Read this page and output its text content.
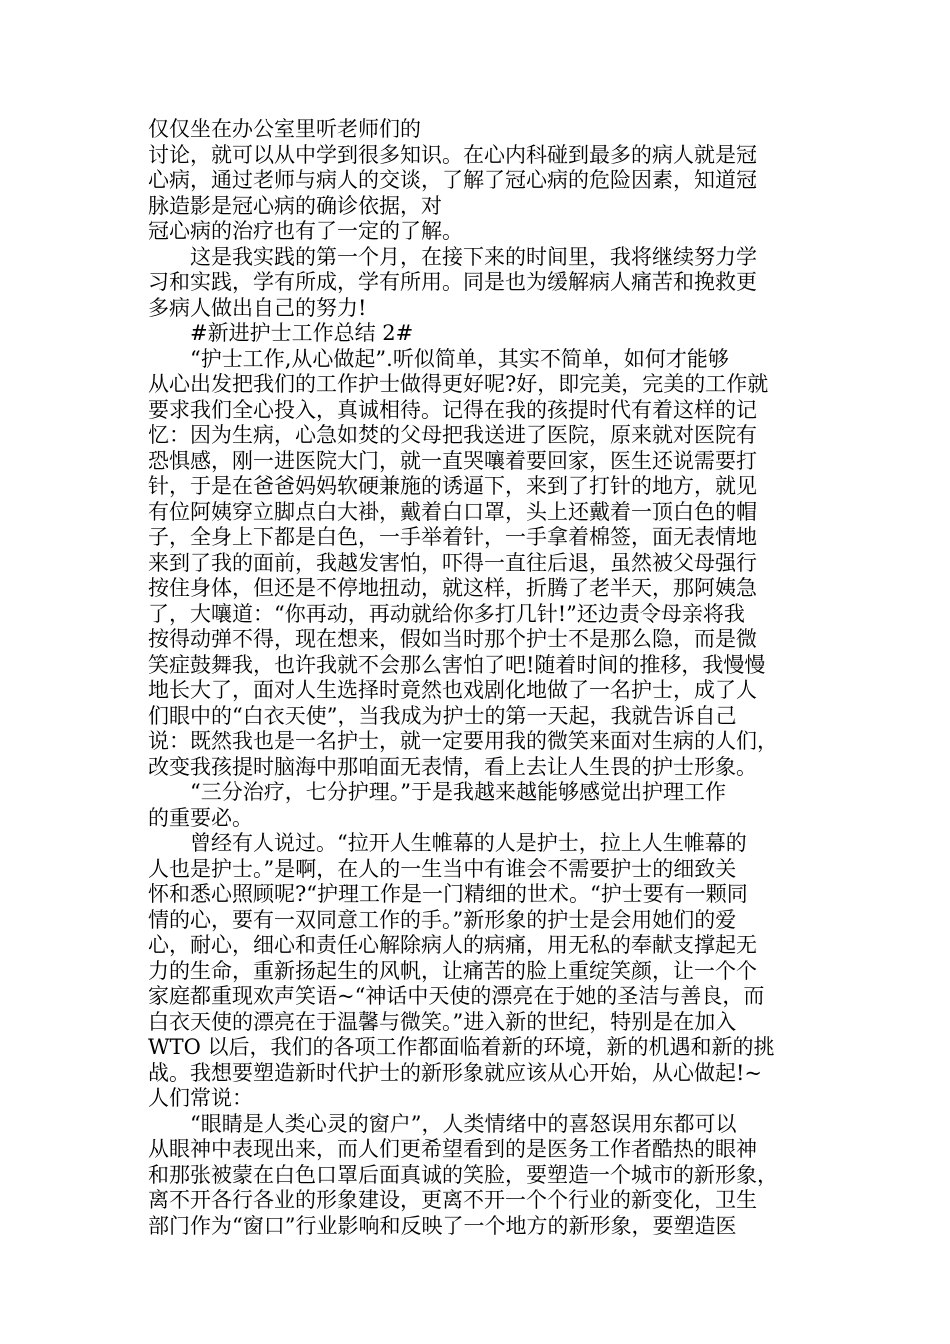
仅仅坐在办公室里听老师们的
讨论，就可以从中学到很多知识。在心内科碰到最多的病人就是冠
心病，通过老师与病人的交谈，了解了冠心病的危险因素，知道冠
脉造影是冠心病的确诊依据，对
冠心病的治疗也有了一定的了解。
　　这是我实践的第一个月，在接下来的时间里，我将继续努力学
习和实践，学有所成，学有所用。同是也为缓解病人痛苦和挽救更
多病人做出自己的努力!
　　#新进护士工作总结 2#
　　“护士工作,从心做起”.听似简单，其实不简单，如何才能够
从心出发把我们的工作护士做得更好呢?好，即完美，完美的工作就
要求我们全心投入，真诚相待。记得在我的孩提时代有着这样的记
忆：因为生病，心急如焚的父母把我送进了医院，原来就对医院有
恐惧感，刚一进医院大门，就一直哭嚷着要回家，医生还说需要打
针，于是在爸爸妈妈软硬兼施的诱逼下，来到了打针的地方，就见
有位阿姨穿立脚点白大褂，戴着白口罩，头上还戴着一顶白色的帽
子，全身上下都是白色，一手举着针，一手拿着棉签，面无表情地
来到了我的面前，我越发害怕，吓得一直往后退，虽然被父母强行
按住身体，但还是不停地扭动，就这样，折腾了老半天，那阿姨急
了，大嚷道：“你再动，再动就给你多打几针!”还边责令母亲将我
按得动弹不得，现在想来，假如当时那个护士不是那么隐，而是微
笑症鼓舞我，也许我就不会那么害怕了吧!随着时间的推移，我慢慢
地长大了，面对人生选择时竟然也戏剧化地做了一名护士，成了人
们眼中的“白衣天使”，当我成为护士的第一天起，我就告诉自己
说：既然我也是一名护士，就一定要用我的微笑来面对生病的人们，
改变我孩提时脑海中那咱面无表情，看上去让人生畏的护士形象。
　　“三分治疗，七分护理。”于是我越来越能够感觉出护理工作
的重要必。
　　曾经有人说过。“拉开人生帷幕的人是护士，拉上人生帷幕的
人也是护士。”是啊，在人的一生当中有谁会不需要护士的细致关
怀和悉心照顾呢?“护理工作是一门精细的世术。“护士要有一颗同
情的心，要有一双同意工作的手。”新形象的护士是会用她们的爱
心，耐心，细心和责任心解除病人的病痛，用无私的奉献支撑起无
力的生命，重新扬起生的风帆，让痛苦的脸上重绽笑颜，让一个个
家庭都重现欢声笑语~“神话中天使的漂亮在于她的圣洁与善良，而
白衣天使的漂亮在于温馨与微笑。”进入新的世纪，特别是在加入
WTO 以后，我们的各项工作都面临着新的环境，新的机遇和新的挑
战。我想要塑造新时代护士的新形象就应该从心开始，从心做起!~
人们常说：
　　“眼睛是人类心灵的窗户”，人类情绪中的喜怒误用东都可以
从眼神中表现出来，而人们更希望看到的是医务工作者酷热的眼神
和那张被蒙在白色口罩后面真诚的笑脸，要塑造一个城市的新形象，
离不开各行各业的形象建设，更离不开一个个行业的新变化，卫生
部门作为“窗口”行业影响和反映了一个地方的新形象，要塑造医
